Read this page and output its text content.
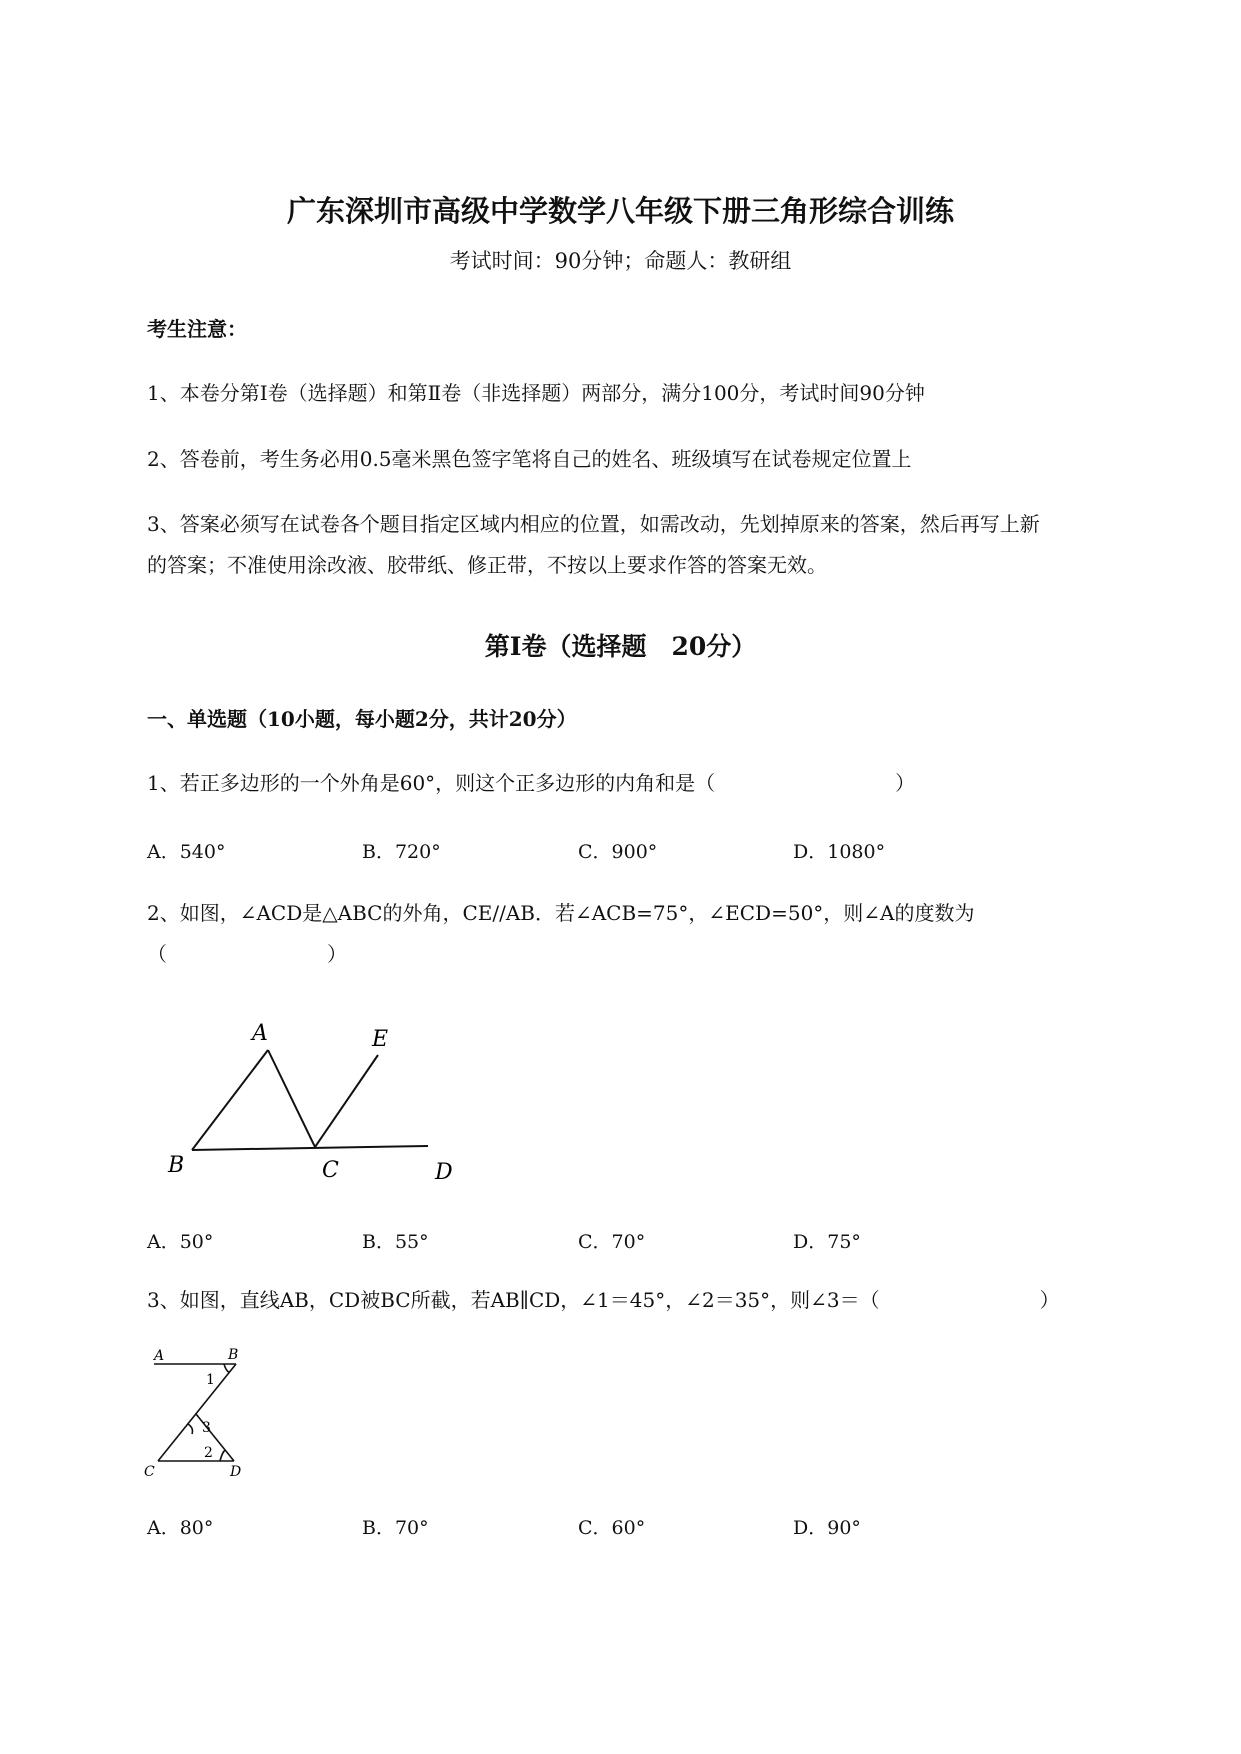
广东深圳市高级中学数学八年级下册三角形综合训练
考试时间：90分钟；命题人：教研组
考生注意：
1、本卷分第I卷（选择题）和第Ⅱ卷（非选择题）两部分，满分100分，考试时间90分钟
2、答卷前，考生务必用0.5毫米黑色签字笔将自己的姓名、班级填写在试卷规定位置上
3、答案必须写在试卷各个题目指定区域内相应的位置，如需改动，先划掉原来的答案，然后再写上新
的答案；不准使用涂改液、胶带纸、修正带，不按以上要求作答的答案无效。
第I卷（选择题　20分）
一、单选题（10小题，每小题2分，共计20分）
1、若正多边形的一个外角是60°，则这个正多边形的内角和是（　　　　　　　　　）
A．540°	B．720°	C．900°	D．1080°
2、如图，∠ACD是△ABC的外角，CE//AB．若∠ACB=75°，∠ECD=50°，则∠A的度数为
（　　　　　　　　）
A	E
B	C	D
A．50°	B．55°	C．70°	D．75°
3、如图，直线AB，CD被BC所截，若AB∥CD，∠1＝45°，∠2＝35°，则∠3＝（　　　　　　　　）
A	B
1
3
2
C	D
A．80°	B．70°	C．60°	D．90°
